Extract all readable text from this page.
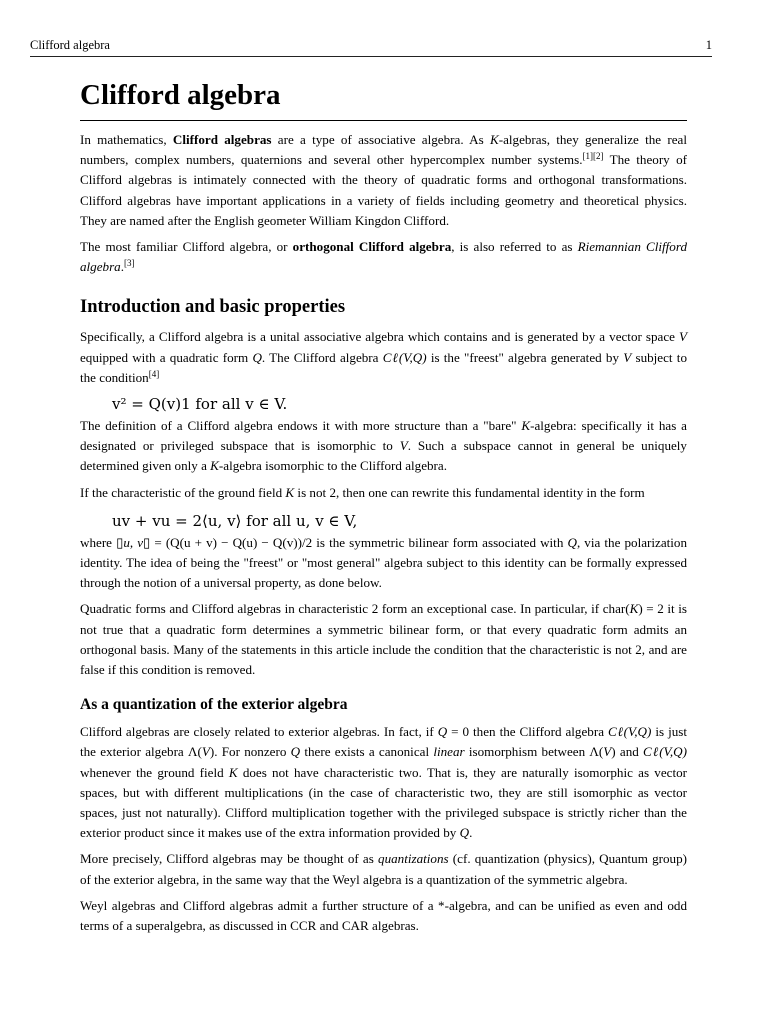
Clifford algebra	1
Clifford algebra

In mathematics, Clifford algebras are a type of associative algebra. As K-algebras, they generalize the real numbers, complex numbers, quaternions and several other hypercomplex number systems.[1][2] The theory of Clifford algebras is intimately connected with the theory of quadratic forms and orthogonal transformations. Clifford algebras have important applications in a variety of fields including geometry and theoretical physics. They are named after the English geometer William Kingdon Clifford.

The most familiar Clifford algebra, or orthogonal Clifford algebra, is also referred to as Riemannian Clifford algebra.[3]

Introduction and basic properties

Specifically, a Clifford algebra is a unital associative algebra which contains and is generated by a vector space V equipped with a quadratic form Q. The Clifford algebra Cℓ(V,Q) is the "freest" algebra generated by V subject to the condition[4]

v² = Q(v)1 for all v ∈ V.

The definition of a Clifford algebra endows it with more structure than a "bare" K-algebra: specifically it has a designated or privileged subspace that is isomorphic to V. Such a subspace cannot in general be uniquely determined given only a K-algebra isomorphic to the Clifford algebra.

If the characteristic of the ground field K is not 2, then one can rewrite this fundamental identity in the form

uv + vu = 2⟨u, v⟩ for all u, v ∈ V,

where ▯u, v▯ = (Q(u + v) − Q(u) − Q(v))/2 is the symmetric bilinear form associated with Q, via the polarization identity. The idea of being the "freest" or "most general" algebra subject to this identity can be formally expressed through the notion of a universal property, as done below.

Quadratic forms and Clifford algebras in characteristic 2 form an exceptional case. In particular, if char(K) = 2 it is not true that a quadratic form determines a symmetric bilinear form, or that every quadratic form admits an orthogonal basis. Many of the statements in this article include the condition that the characteristic is not 2, and are false if this condition is removed.

As a quantization of the exterior algebra

Clifford algebras are closely related to exterior algebras. In fact, if Q = 0 then the Clifford algebra Cℓ(V,Q) is just the exterior algebra Λ(V). For nonzero Q there exists a canonical linear isomorphism between Λ(V) and Cℓ(V,Q) whenever the ground field K does not have characteristic two. That is, they are naturally isomorphic as vector spaces, but with different multiplications (in the case of characteristic two, they are still isomorphic as vector spaces, just not naturally). Clifford multiplication together with the privileged subspace is strictly richer than the exterior product since it makes use of the extra information provided by Q.

More precisely, Clifford algebras may be thought of as quantizations (cf. quantization (physics), Quantum group) of the exterior algebra, in the same way that the Weyl algebra is a quantization of the symmetric algebra.

Weyl algebras and Clifford algebras admit a further structure of a *-algebra, and can be unified as even and odd terms of a superalgebra, as discussed in CCR and CAR algebras.
